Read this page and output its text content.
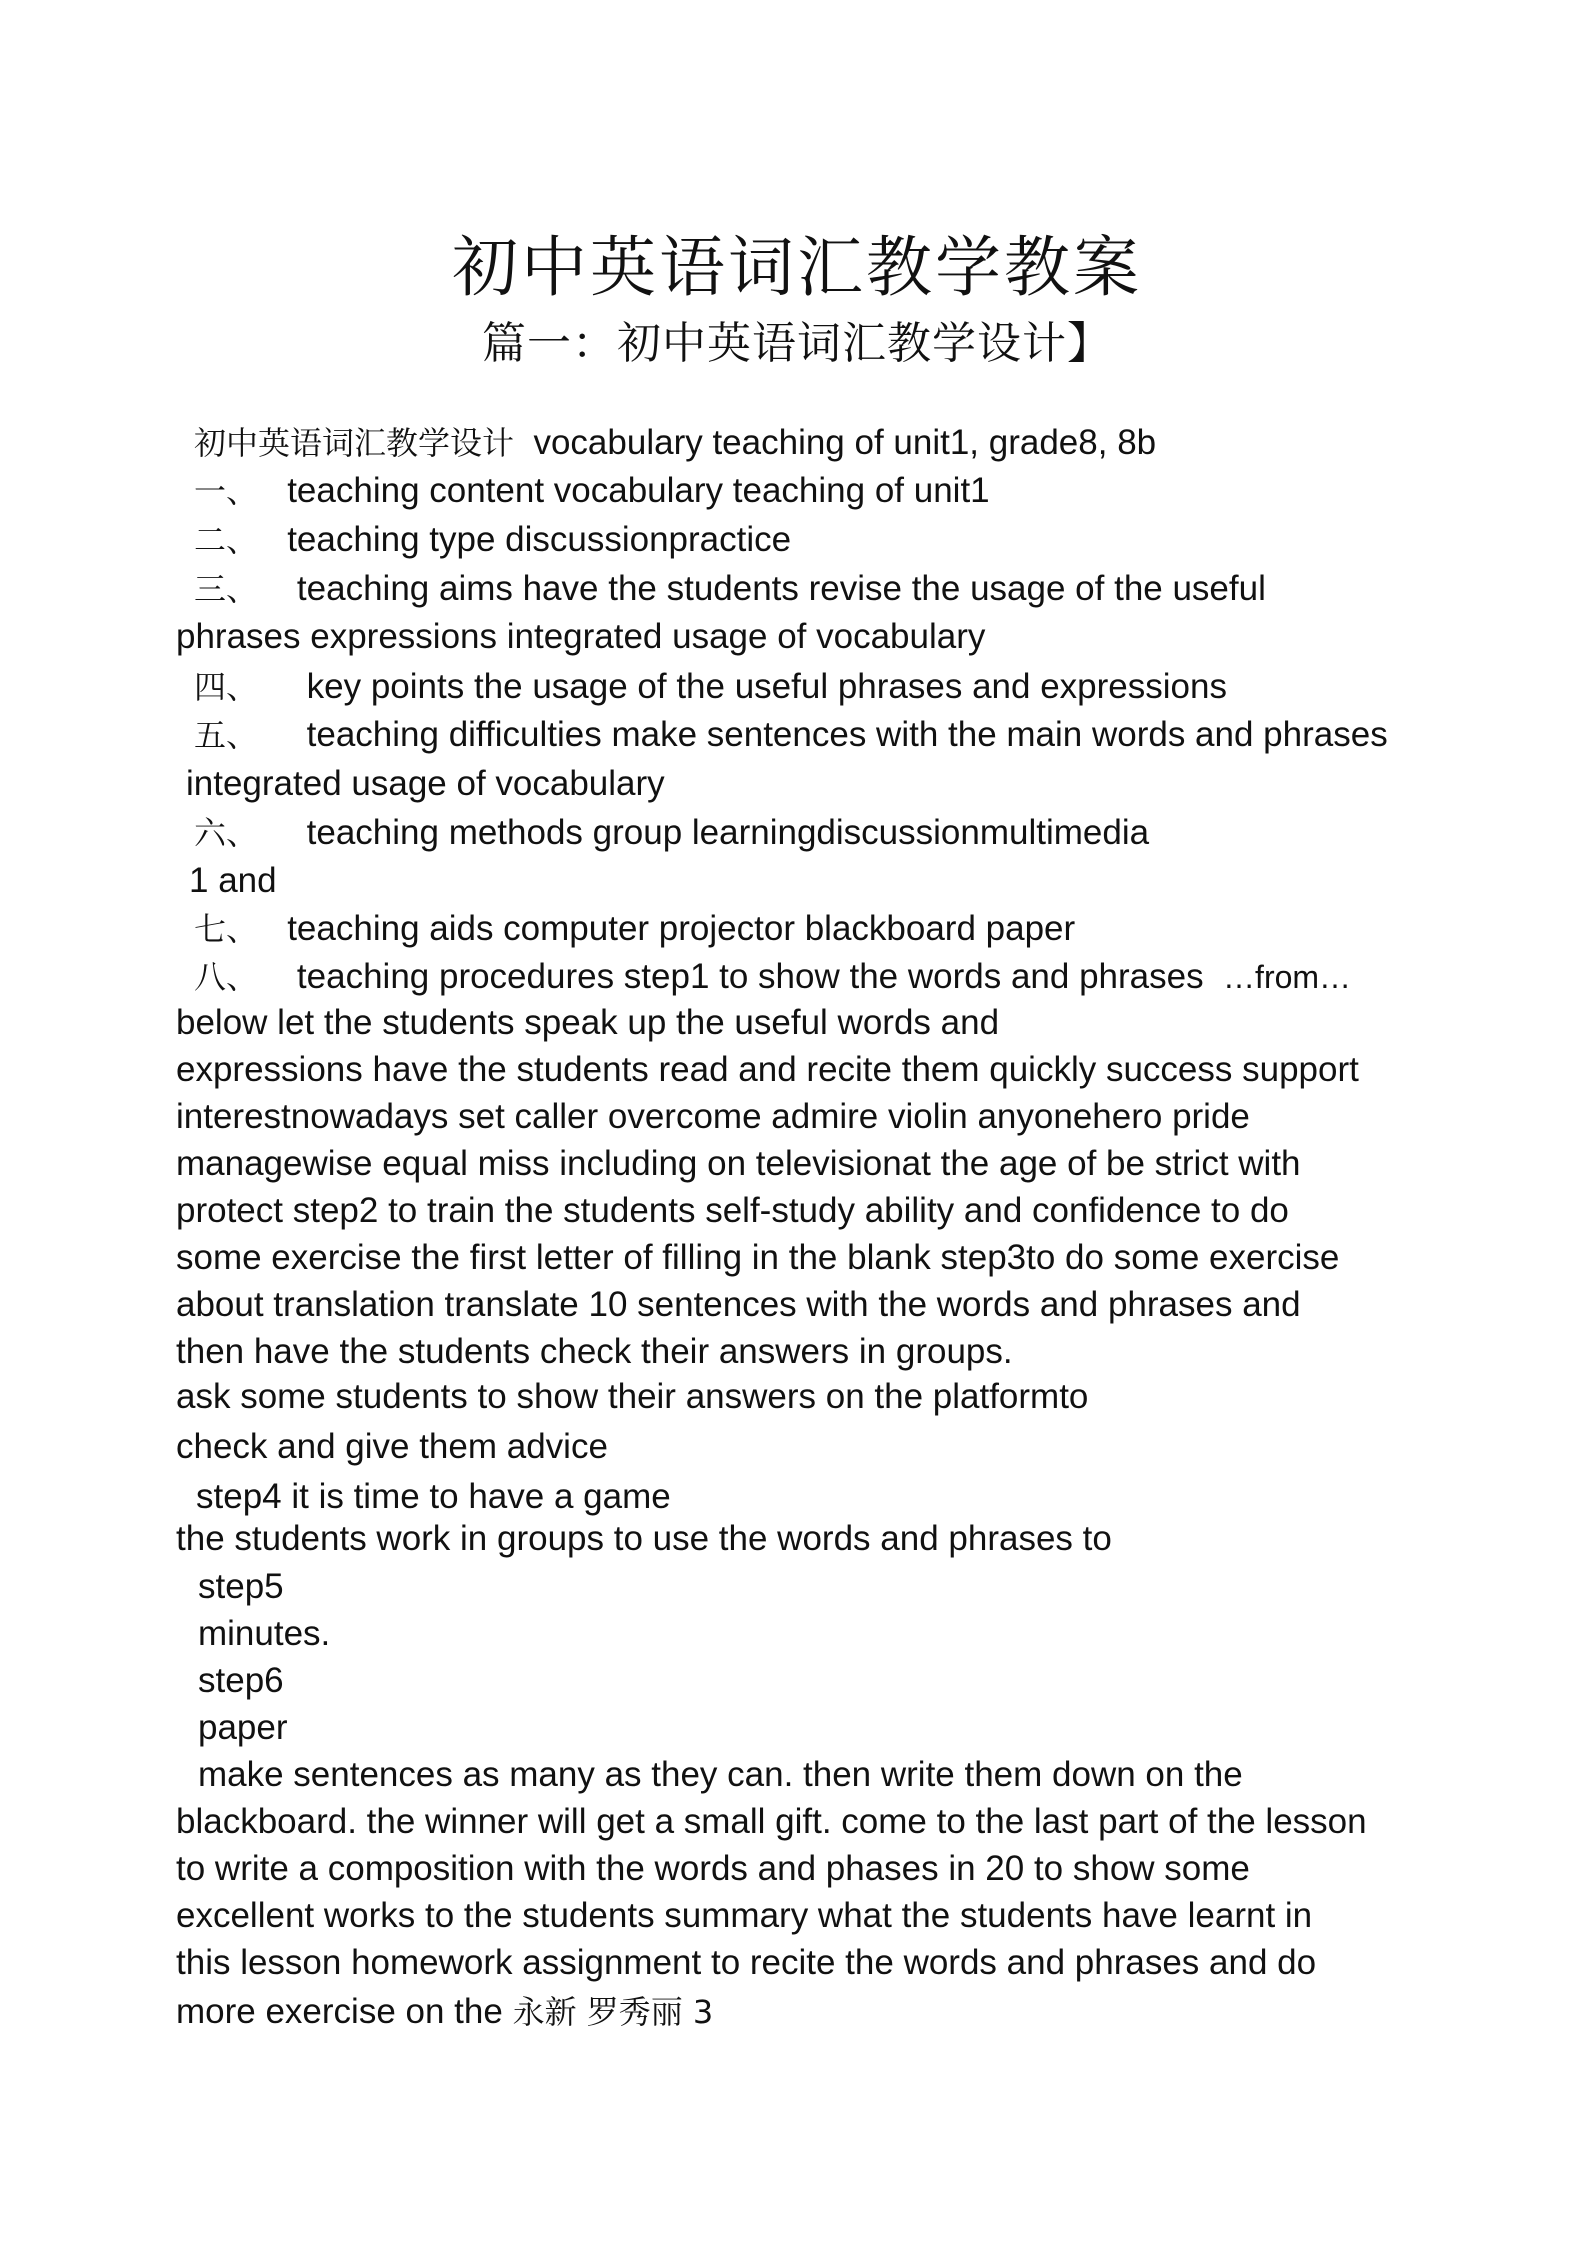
初中英语词汇教学教案
篇一：初中英语词汇教学设计】
初中英语词汇教学设计 vocabulary teaching of unit1, grade8, 8b
一、 teaching content vocabulary teaching of unit1
二、 teaching type discussionpractice
三、 teaching aims have the students revise the usage of the useful
phrases expressions integrated usage of vocabulary
四、 key points the usage of the useful phrases and expressions
五、 teaching difficulties make sentences with the main words and phrases
integrated usage of vocabulary
六、 teaching methods group learningdiscussionmultimedia
1 and
七、 teaching aids computer projector blackboard paper
八、 teaching procedures step1 to show the words and phrases …from…
below let the students speak up the useful words and
expressions have the students read and recite them quickly success support
interestnowadays set caller overcome admire violin anyonehero pride
managewise equal miss including on televisionat the age of be strict with
protect step2 to train the students self-study ability and confidence to do
some exercise the first letter of filling in the blank step3to do some exercise
about translation translate 10 sentences with the words and phrases and
then have the students check their answers in groups.
ask some students to show their answers on the platformto
check and give them advice
step4 it is time to have a game
the students work in groups to use the words and phrases to
step5
minutes.
step6
paper
make sentences as many as they can. then write them down on the
blackboard. the winner will get a small gift. come to the last part of the lesson
to write a composition with the words and phases in 20 to show some
excellent works to the students summary what the students have learnt in
this lesson homework assignment to recite the words and phrases and do
more exercise on the 永新 罗秀丽 3
